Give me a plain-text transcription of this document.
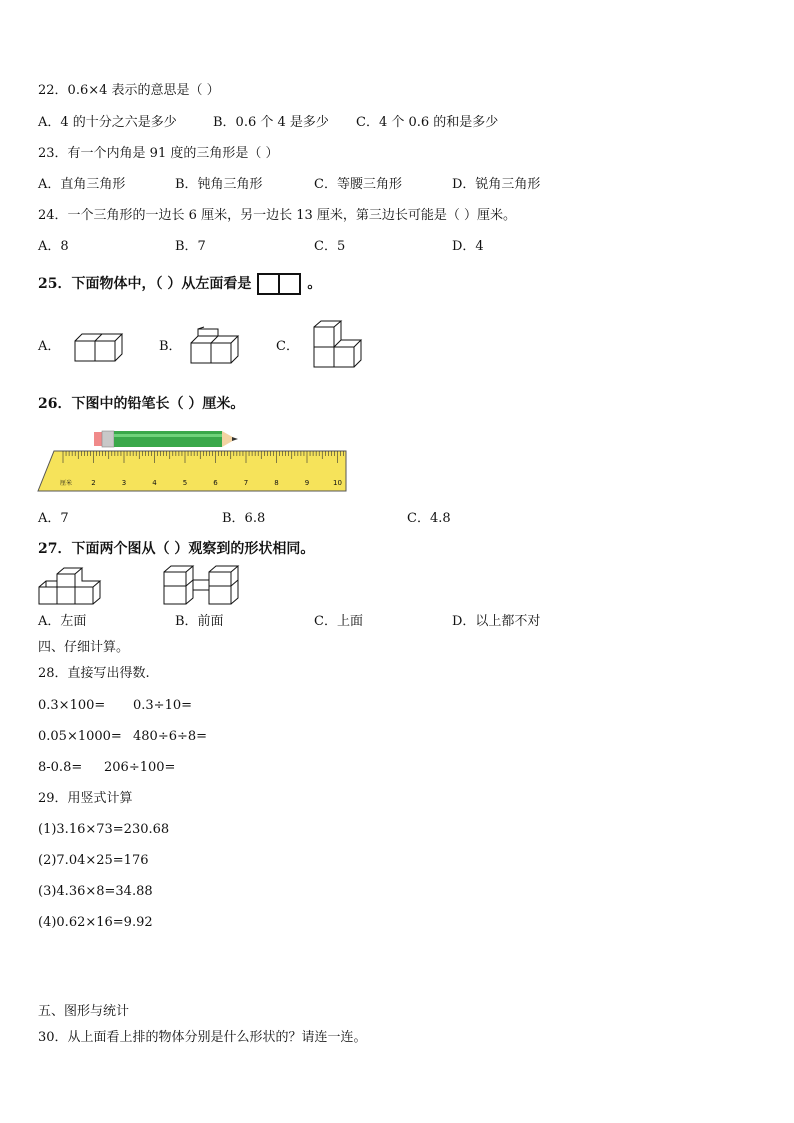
22．0.6×4 表示的意思是（ ）
A．4 的十分之六是多少	B．0.6 个 4 是多少 C．4 个 0.6 的和是多少
23．有一个内角是 91 度的三角形是（ ）
A．直角三角形	B．钝角三角形	C．等腰三角形	D．锐角三角形
24．一个三角形的一边长 6 厘米，另一边长 13 厘米，第三边长可能是（ ）厘米。
A．8	B．7	C．5	D．4
25．下面物体中，（ ）从左面看是	。
A．	B．	C．
26．下图中的铅笔长（ ）厘米。
2	3	4	5	6	7	8	9	10
厘米
A．7	B．6.8	C．4.8
27．下面两个图从（ ）观察到的形状相同。
A．左面	B．前面	C．上面	D．以上都不对
四、仔细计算。
28．直接写出得数.
0.3×100= 0.3÷10=
0.05×1000= 480÷6÷8=
8-0.8= 206÷100=
29．用竖式计算
(1)3.16×73=230.68
(2)7.04×25=176
(3)4.36×8=34.88
(4)0.62×16=9.92
五、图形与统计
30．从上面看上排的物体分别是什么形状的？请连一连。
